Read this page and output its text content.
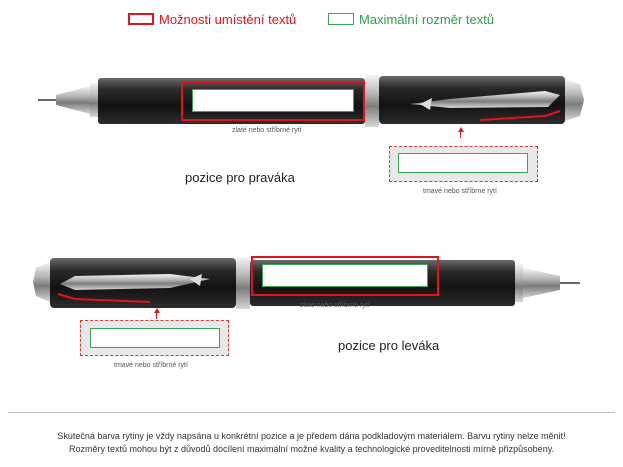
Možnosti umístění textů	Maximální rozměr textů
zlaté nebo stříbrné rytí
tmavé nebo stříbrné rytí
pozice pro praváka
zlaté nebo stříbrné rytí
tmavé nebo stříbrné rytí
pozice pro leváka
Skutečná barva rytiny je vždy napsána u konkrétní pozice a je předem dána podkladovým materiálem. Barvu rytiny nelze měnit!
Rozměry textů mohou být z důvodů docílení maximální možné kvality a technologické proveditelnosti mírně přizpůsobeny.
